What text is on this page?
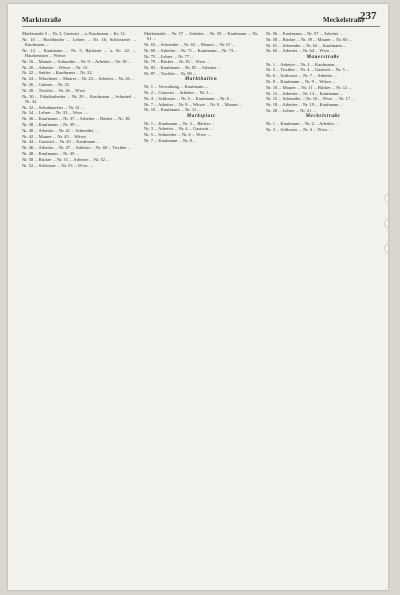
Marktstraße	Meckelstraße
237

Marktstraße 5 ... Nr. 3, Gastwirt ... u. Kaufmann ... Kr. 12.

Nr. 10 ... Buchbinder ... Lehrer ... Nr. 16, Schlosserei ... Kaufmann ...

Nr. 14 ... Kaufmann ... Nr. 5, Bäckerei ... u. Kr. 22, ... Hausbesitzer ... Witwe.

Nr. 16 ... Maurer ... Schneider ... Nr. 9 ... Arbeiter ... Nr. 18 ...

Nr. 20 ... Arbeiter ... Witwe ... Nr. 15.

Nr. 22 ... Sattler ... Kaufmann ... Nr. 22.

Nr. 24 ... Wäscherei ... Maurer ... Nr. 23 ... Arbeiter ... Nr. 26 ...

Nr. 26 ... Gärtner ... Nr. 25.

Nr. 28 ... Tischler ... Nr. 26 ... Wwe.

Nr. 30 ... Fabrikarbeiter ... Nr. 29 ... Kaufmann ... Schmied ... Nr. 32.

Nr. 32 ... Schuhmacher ... Nr. 31 ...

Nr. 34 ... Lehrer ... Nr. 33 ... Wwe. ...

Nr. 36 ... Kaufmann ... Nr. 37 ... Arbeiter ... Bäcker ... Nr. 38.

Nr. 38 ... Kaufmann ... Nr. 39 ...

Nr. 40 ... Arbeiter ... Nr. 41 ... Schneider ...

Nr. 42 ... Maurer ... Nr. 43 ... Witwe.

Nr. 44 ... Gastwirt ... Nr. 45 ... Kaufmann ...

Nr. 46 ... Arbeiter ... Nr. 47 ... Arbeiter ... Nr. 48 ... Tischler ...

Nr. 48 ... Kaufmann ... Nr. 49 ...

Nr. 50 ... Bäcker ... Nr. 51 ... Arbeiter ... Nr. 52 ...

Nr. 52 ... Schlosser ... Nr. 53 ... Wwe. ...

Marktstraße ... Nr. 57 ... Arbeiter ... Nr. 59 ... Kaufmann ... Nr. 61 ...

Nr. 63 ... Schneider ... Nr. 65 ... Maurer ... Nr. 67 ...

Nr. 69 ... Arbeiter ... Nr. 71 ... Kaufmann ... Nr. 73 ...

Nr. 75 ... Lehrer ... Nr. 77 ...

Nr. 79 ... Bäcker ... Nr. 81 ... Wwe. ...

Nr. 83 ... Kaufmann ... Nr. 85 ... Arbeiter ...

Nr. 87 ... Tischler ... Nr. 89 ...

Markthallen

Nr. 1 ... Verwaltung ... Kaufmann ...

Nr. 2 ... Gastwirt ... Arbeiter ... Nr. 3 ...

Nr. 4 ... Schlosser ... Nr. 5 ... Kaufmann ... Nr. 6 ...

Nr. 7 ... Arbeiter ... Nr. 8 ... Witwe ... Nr. 9 ... Maurer ...

Nr. 10 ... Kaufmann ... Nr. 11 ...

Marktplatz

Nr. 1 ... Kaufmann ... Nr. 2 ... Bäcker ...

Nr. 3 ... Arbeiter ... Nr. 4 ... Gastwirt ...

Nr. 5 ... Schneider ... Nr. 6 ... Wwe. ...

Nr. 7 ... Kaufmann ... Nr. 8 ...

Nr. 56 ... Kaufmann ... Nr. 57 ... Arbeiter ...

Nr. 58 ... Bäcker ... Nr. 59 ... Maurer ... Nr. 60 ...

Nr. 61 ... Schneider ... Nr. 62 ... Kaufmann ...

Nr. 63 ... Arbeiter ... Nr. 64 ... Wwe. ...

Mauerstraße

Nr. 1 ... Arbeiter ... Nr. 2 ... Kaufmann ...

Nr. 3 ... Tischler ... Nr. 4 ... Gastwirt ... Nr. 5 ...

Nr. 6 ... Schlosser ... Nr. 7 ... Arbeiter ...

Nr. 8 ... Kaufmann ... Nr. 9 ... Witwe ...

Nr. 10 ... Maurer ... Nr. 11 ... Bäcker ... Nr. 12 ...

Nr. 13 ... Arbeiter ... Nr. 14 ... Kaufmann ...

Nr. 15 ... Schneider ... Nr. 16 ... Wwe. ... Nr. 17 ...

Nr. 18 ... Arbeiter ... Nr. 19 ... Kaufmann ...

Nr. 20 ... Lehrer ... Nr. 21 ...

Meckelstraße

Nr. 1 ... Kaufmann ... Nr. 2 ... Arbeiter ...

Nr. 3 ... Schlosser ... Nr. 4 ... Wwe. ...
